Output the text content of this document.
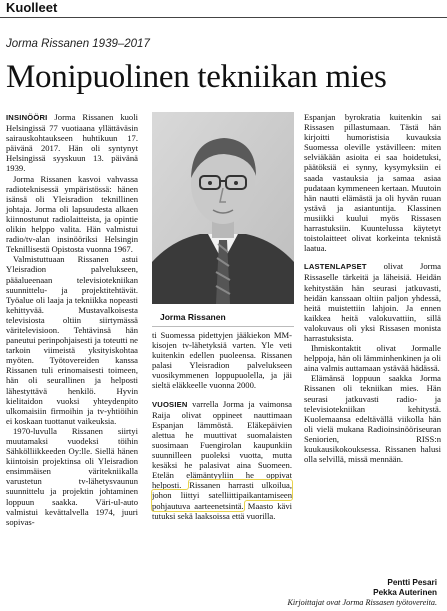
Kuolleet
Jorma Rissanen 1939–2017
Monipuolinen tekniikan mies

INSINÖÖRI Jorma Rissanen kuoli Helsingissä 77 vuotiaana yllättäväsin sairauskohtaukseen huhtikuun 17. päivänä 2017. Hän oli syntynyt Helsingissä syyskuun 13. päivänä 1939.

Jorma Rissanen kasvoi vahvassa radioteknisessä ympäristössä: hänen isänsä oli Yleisradion teknillinen johtaja. Jorma oli lapsuudesta alkaen kiinnostunut radiolaitteista, ja opintie olikin helppo valita. Hän valmistui radio/tv-alan insinööriksi Helsingin Teknillisestä Opistosta vuonna 1967.

Valmistuttuaan Rissanen astui Yleisradion palvelukseen, pääalueenaan televisiotekniikan suunnittelu- ja projektitehtävät. Työalue oli laaja ja tekniikka nopeasti kehittyvää. Mustavalkoisesta televisiosta oltiin siirtymässä väritelevisioon. Tehtävinsä hän paneutui perinpohjaisesti ja toteutti ne tarkoin viimeistä yksityiskohtaa myöten. Työtovereiden kanssa Rissanen tuli erinomaisesti toimeen, hän oli seurallinen ja helposti lähestyttävä henkilö. Hyvin kielitaidon vuoksi yhteydenpito ulkomaisiin firmoihin ja tv-yhtiöihin ei koskaan tuottanut vaikeuksia.

1970-luvulla Rissanen siirtyi muutamaksi vuodeksi töihin Sähkölliikkeeden Oy:lle. Siellä hänen kiintoisin projektinsa oli Yleisradion ensimmäisen väritekniikalla varustetun tv-lähetysvaunun suunnittelu ja projektin johtaminen loppuun saakka. Väri-ul-auto valmistui kevättalvella 1974, juuri sopivas-

Jorma Rissanen

ti Suomessa pidettyjen jääkiekon MM-kisojen tv-lähetyksiä varten. Yle veti kuitenkin edellen puoleensa. Rissanen palasi Yleisradion palvelukseen vuosikymmenen loppupuolella, ja jäi sieltä eläkkeelle vuonna 2000.

VUOSIEN varrella Jorma ja vaimonsa Raija olivat oppineet nauttimaan Espanjan lämmöstä. Eläkepäivien alettua he muuttivat suomalaisten suosimaan Fuengirolan kaupunkiin suunnilleen puoleksi vuotta, mutta kesäksi he palasivat aina Suomeen. Etelän elämäntyyliin he oppivat helposti. Rissanen harrasti ulkoilua, johon liittyi satelliittipaikantamiseen pohjautuva aarteenetsintä. Maasto kävi tutuksi sekä laaksoissa että vuorilla.

Espanjan byrokratia kuitenkin sai Rissasen pillastumaan. Tästä hän kirjoitti humoristisia kuvauksia Suomessa oleville ystävilleen: miten selviäkään asioita ei saa hoidetuksi, päätöksiä ei synny, kysymyksiin ei saada vastauksia ja samaa asiaa pudataan kymmeneen kertaan. Muutoin hän nautti elämästä ja oli hyvän ruuan ystävä ja asiantuntija. Klassinen musiikki kuului myös Rissasen harrastuksiin. Kuuntelussa käytetyt toistolaitteet olivat korkeinta teknistä laatua.

LASTENLAPSET olivat Jorma Rissaselle tärkeitä ja läheisiä. Heidän kehitystään hän seurasi jatkuvasti, heidän kanssaan oltiin paljon yhdessä, heitä muistettiin lahjoin. Ja ennen kaikkea heitä valokuvattiin, sillä valokuvaus oli yksi Rissasen monista harrastuksista.

Ihmiskontaktit olivat Jormalle helppoja, hän oli lämminhenkinen ja oli aina valmis auttamaan ystävää hädässä.

Elämänsä loppuun saakka Jorma Rissanen oli tekniikan mies. Hän seurasi jatkuvasti radio- ja televisiotekniikan kehitystä. Kuolemaansa edeltävällä viikolla hän oli vielä mukana Radioinsinööriseuran Seniorien, RISS:n kuukausikokouksessa. Rissanen halusi olla selvillä, missä mennään.

Pentti Pesari
Pekka Auterinen
Kirjoittajat ovat Jorma Rissasen työtovereita.
